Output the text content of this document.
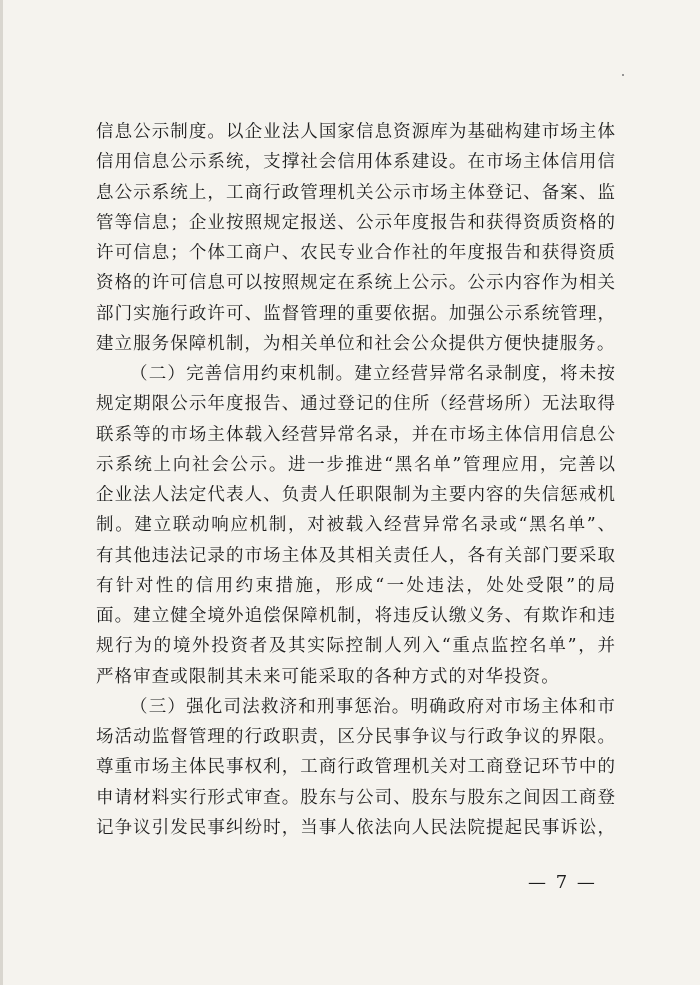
信息公示制度。以企业法人国家信息资源库为基础构建市场主体
信用信息公示系统，支撑社会信用体系建设。在市场主体信用信
息公示系统上，工商行政管理机关公示市场主体登记、备案、监
管等信息；企业按照规定报送、公示年度报告和获得资质资格的
许可信息；个体工商户、农民专业合作社的年度报告和获得资质
资格的许可信息可以按照规定在系统上公示。公示内容作为相关
部门实施行政许可、监督管理的重要依据。加强公示系统管理，
建立服务保障机制，为相关单位和社会公众提供方便快捷服务。
（二）完善信用约束机制。建立经营异常名录制度，将未按
规定期限公示年度报告、通过登记的住所（经营场所）无法取得
联系等的市场主体载入经营异常名录，并在市场主体信用信息公
示系统上向社会公示。进一步推进“黑名单”管理应用，完善以
企业法人法定代表人、负责人任职限制为主要内容的失信惩戒机
制。建立联动响应机制，对被载入经营异常名录或“黑名单”、
有其他违法记录的市场主体及其相关责任人，各有关部门要采取
有针对性的信用约束措施，形成“一处违法，处处受限”的局
面。建立健全境外追偿保障机制，将违反认缴义务、有欺诈和违
规行为的境外投资者及其实际控制人列入“重点监控名单”，并
严格审查或限制其未来可能采取的各种方式的对华投资。
（三）强化司法救济和刑事惩治。明确政府对市场主体和市
场活动监督管理的行政职责，区分民事争议与行政争议的界限。
尊重市场主体民事权利，工商行政管理机关对工商登记环节中的
申请材料实行形式审查。股东与公司、股东与股东之间因工商登
记争议引发民事纠纷时，当事人依法向人民法院提起民事诉讼，
— 7 —
